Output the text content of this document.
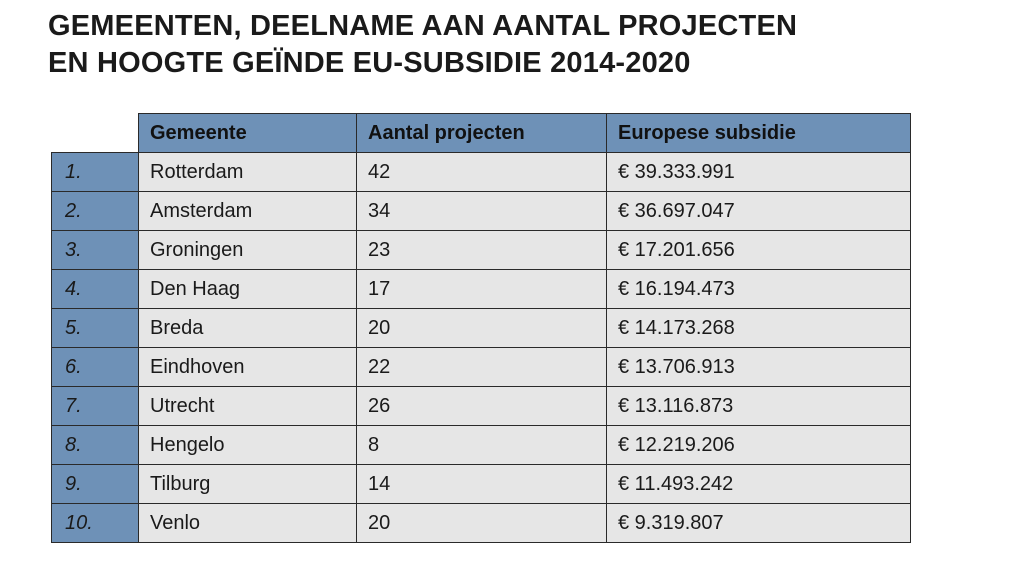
GEMEENTEN, DEELNAME AAN AANTAL PROJECTEN
EN HOOGTE GEÏNDE EU-SUBSIDIE 2014-2020
	Gemeente	Aantal projecten	Europese subsidie
1.	Rotterdam	42	€ 39.333.991
2.	Amsterdam	34	€ 36.697.047
3.	Groningen	23	€ 17.201.656
4.	Den Haag	17	€ 16.194.473
5.	Breda	20	€ 14.173.268
6.	Eindhoven	22	€ 13.706.913
7.	Utrecht	26	€ 13.116.873
8.	Hengelo	8	€ 12.219.206
9.	Tilburg	14	€ 11.493.242
10.	Venlo	20	€ 9.319.807
